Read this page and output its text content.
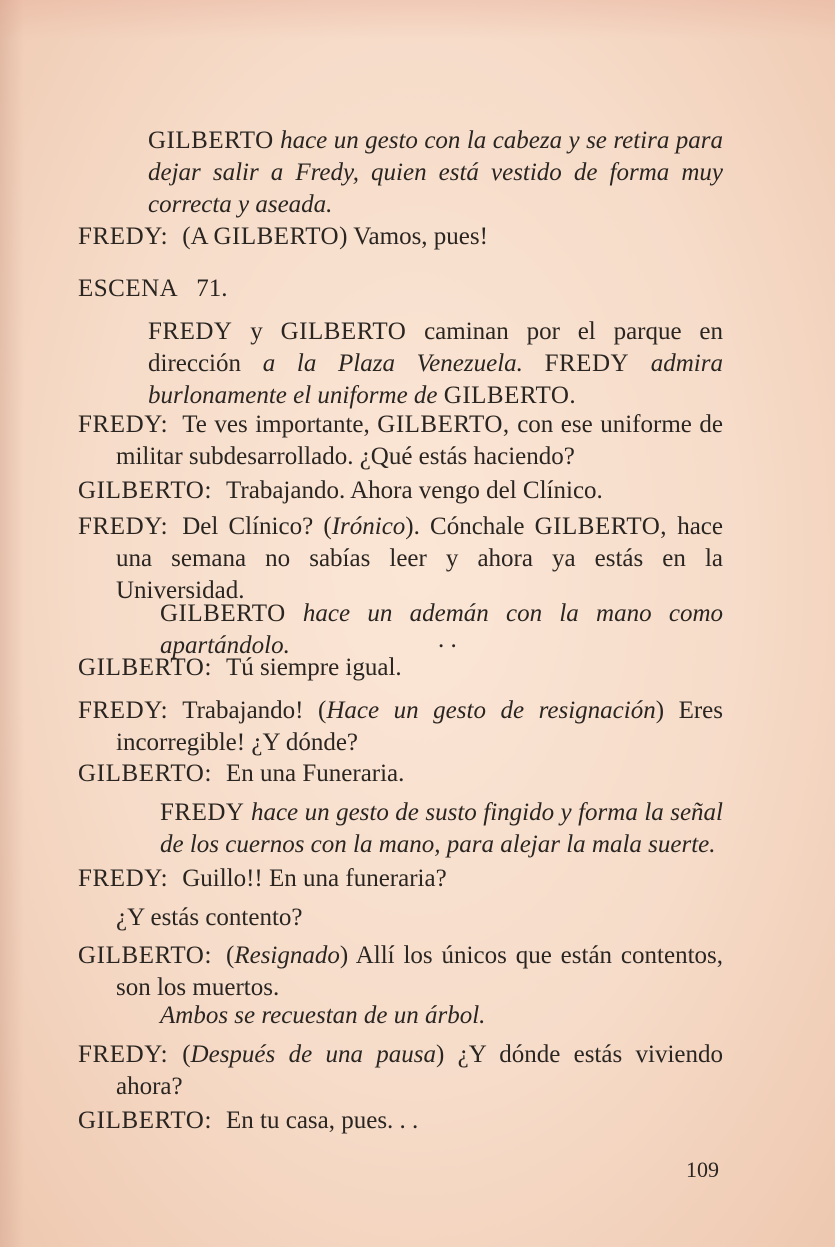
GILBERTO hace un gesto con la cabeza y se retira para dejar salir a Fredy, quien está vestido de forma muy correcta y aseada.

FREDY: (A GILBERTO) Vamos, pues!

ESCENA 71.

FREDY y GILBERTO caminan por el parque en dirección a la Plaza Venezuela. FREDY admira burlonamente el uniforme de GILBERTO.

FREDY: Te ves importante, GILBERTO, con ese uniforme de militar subdesarrollado. ¿Qué estás haciendo?

GILBERTO: Trabajando. Ahora vengo del Clínico.

FREDY: Del Clínico? (Irónico). Cónchale GILBERTO, hace una semana no sabías leer y ahora ya estás en la Universidad.

GILBERTO hace un ademán con la mano como apartándolo.	. .

GILBERTO: Tú siempre igual.

FREDY: Trabajando! (Hace un gesto de resignación) Eres incorregible! ¿Y dónde?

GILBERTO: En una Funeraria.

FREDY hace un gesto de susto fingido y forma la señal de los cuernos con la mano, para alejar la mala suerte.

FREDY: Guillo!! En una funeraria?

¿Y estás contento?

GILBERTO: (Resignado) Allí los únicos que están contentos, son los muertos.

Ambos se recuestan de un árbol.

FREDY: (Después de una pausa) ¿Y dónde estás viviendo ahora?

GILBERTO: En tu casa, pues. . .

109
